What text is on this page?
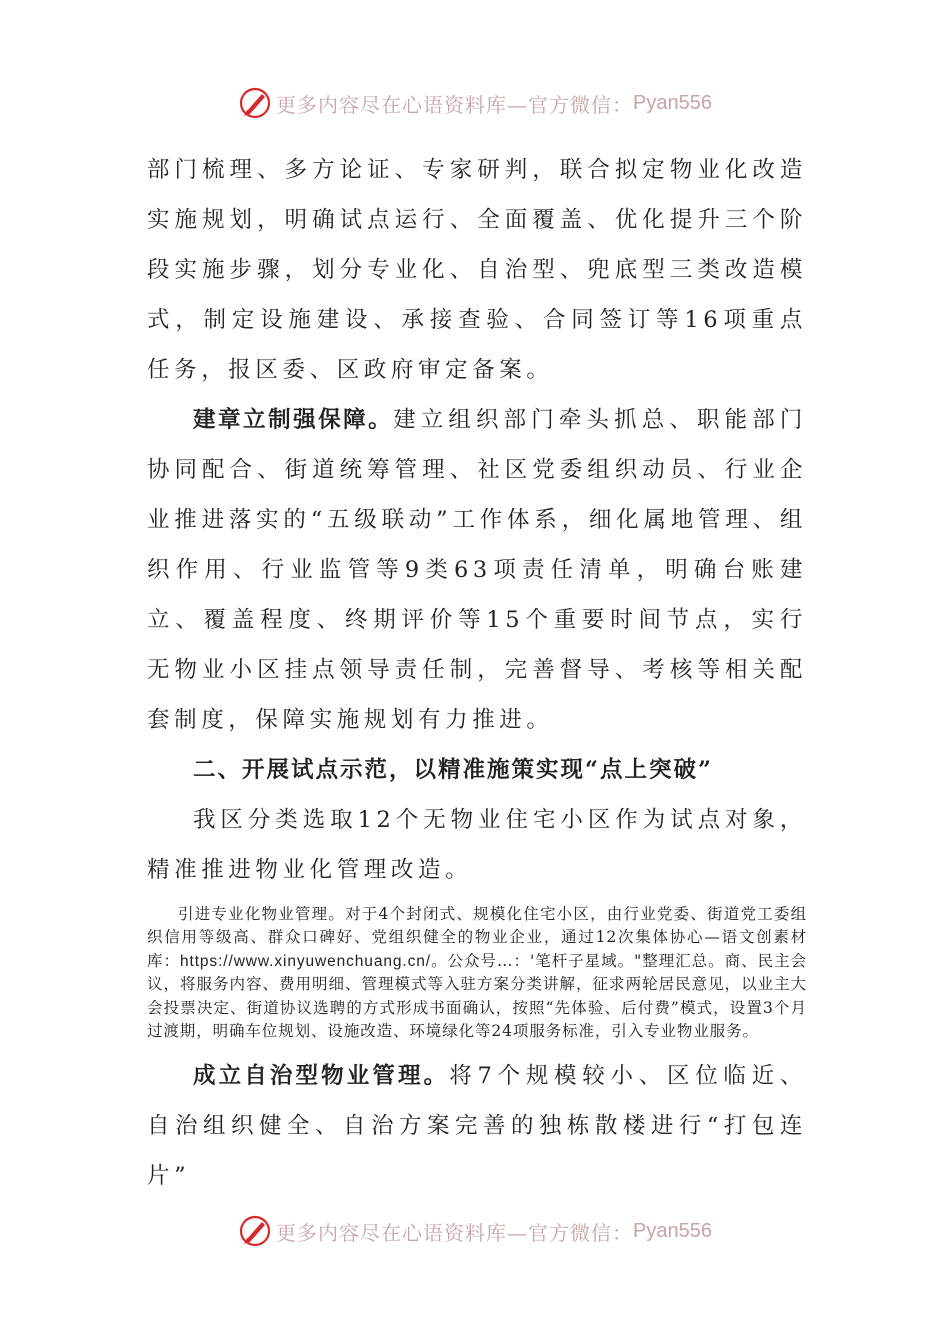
更多内容尽在心语资料库—官方微信： Pyan556

部门梳理、多方论证、专家研判，联合拟定物业化改造实施规划，明确试点运行、全面覆盖、优化提升三个阶段实施步骤，划分专业化、自治型、兜底型三类改造模式，制定设施建设、承接查验、合同签订等16项重点任务，报区委、区政府审定备案。

建章立制强保障。建立组织部门牵头抓总、职能部门协同配合、街道统筹管理、社区党委组织动员、行业企业推进落实的“五级联动”工作体系，细化属地管理、组织作用、行业监管等9类63项责任清单，明确台账建立、覆盖程度、终期评价等15个重要时间节点，实行无物业小区挂点领导责任制，完善督导、考核等相关配套制度，保障实施规划有力推进。

二、开展试点示范，以精准施策实现“点上突破”

我区分类选取12个无物业住宅小区作为试点对象，精准推进物业化管理改造。

引进专业化物业管理。对于4个封闭式、规模化住宅小区，由行业党委、街道党工委组织信用等级高、群众口碑好、党组织健全的物业企业，通过12次集体协心—语文创素材库：https://www.xinyuwenchuang.cn/。公众号…：'笔杆子星域。"整理汇总。商、民主会议，将服务内容、费用明细、管理模式等入驻方案分类讲解，征求两轮居民意见，以业主大会投票决定、街道协议选聘的方式形成书面确认，按照“先体验、后付费”模式，设置3个月过渡期，明确车位规划、设施改造、环境绿化等24项服务标准，引入专业物业服务。

成立自治型物业管理。将7个规模较小、区位临近、自治组织健全、自治方案完善的独栋散楼进行“打包连片”

更多内容尽在心语资料库—官方微信： Pyan556
